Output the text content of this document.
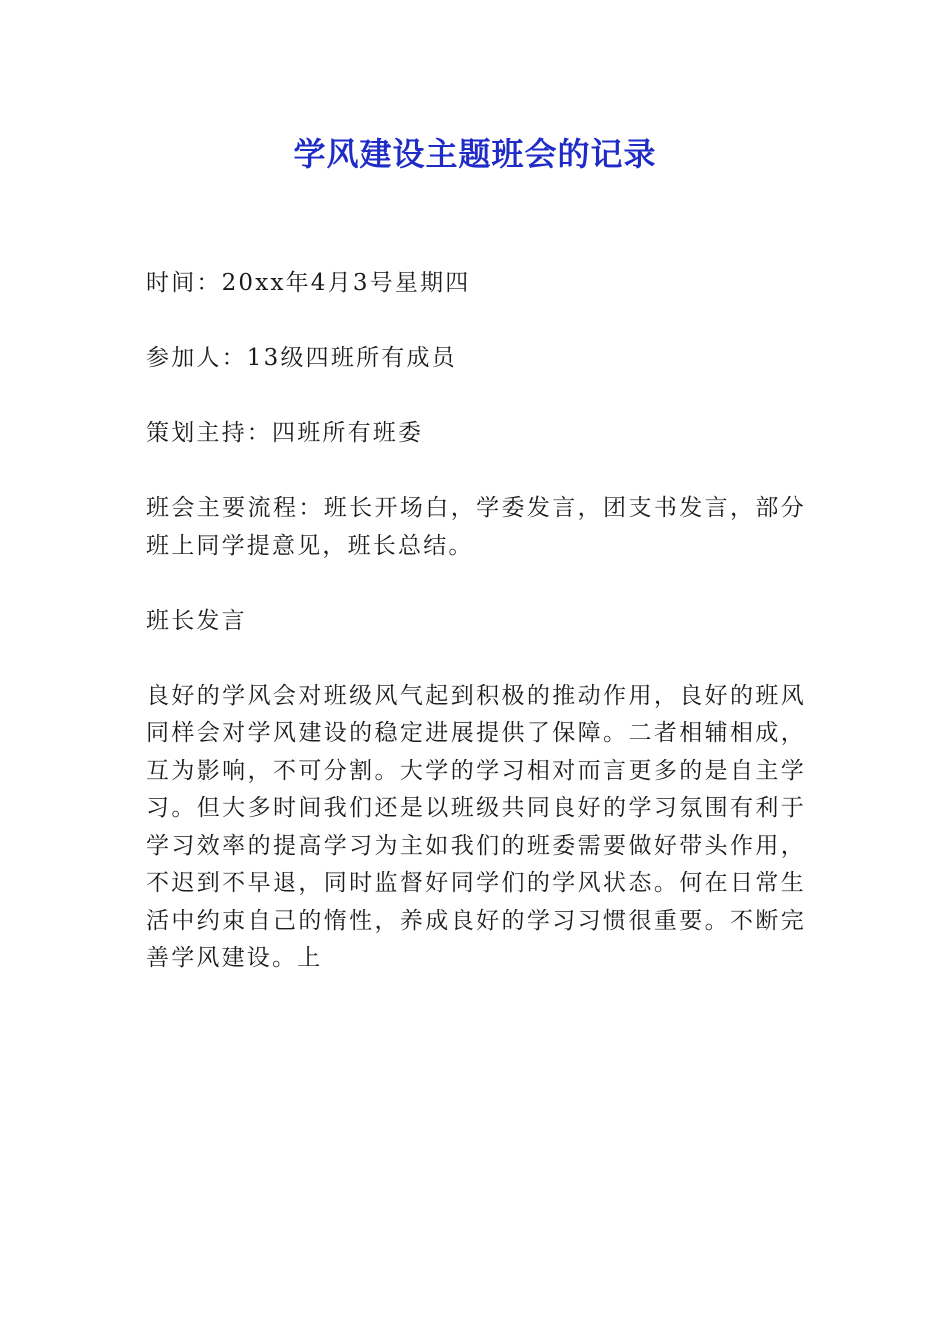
学风建设主题班会的记录

时间：20xx年4月3号星期四

参加人：13级四班所有成员

策划主持：四班所有班委

班会主要流程：班长开场白，学委发言，团支书发言，部分班上同学提意见，班长总结。

班长发言

良好的学风会对班级风气起到积极的推动作用，良好的班风同样会对学风建设的稳定进展提供了保障。二者相辅相成，互为影响，不可分割。大学的学习相对而言更多的是自主学习。但大多时间我们还是以班级共同良好的学习氛围有利于学习效率的提高学习为主如我们的班委需要做好带头作用，不迟到不早退，同时监督好同学们的学风状态。何在日常生活中约束自己的惰性，养成良好的学习习惯很重要。不断完善学风建设。上
